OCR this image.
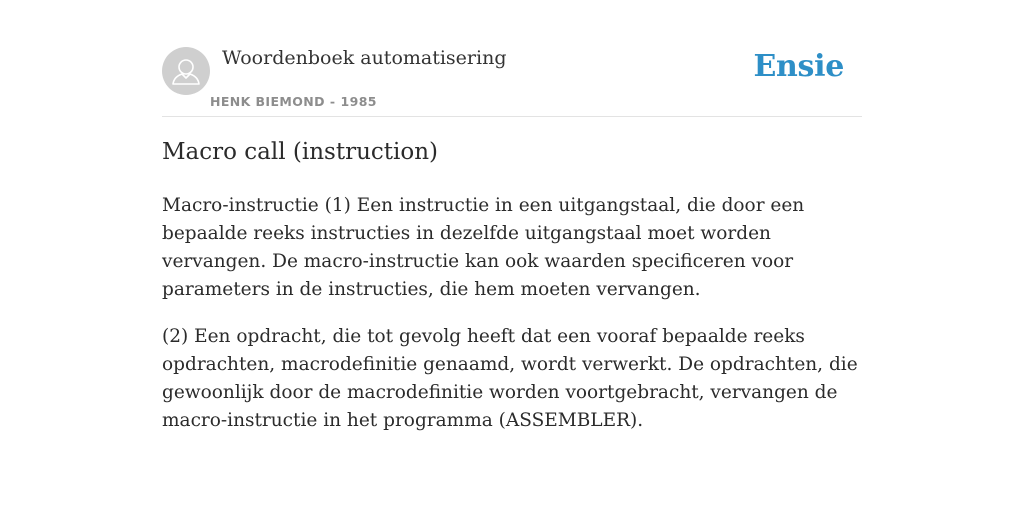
Woordenboek automatisering
HENK BIEMOND - 1985
Ensie
Macro call (instruction)

Macro-instructie (1) Een instructie in een uitgangstaal, die door een bepaalde reeks instructies in dezelfde uitgangstaal moet worden vervangen. De macro-instructie kan ook waarden specificeren voor parameters in de instructies, die hem moeten vervangen.

(2) Een opdracht, die tot gevolg heeft dat een vooraf bepaalde reeks opdrachten, macrodefinitie genaamd, wordt verwerkt. De opdrachten, die gewoonlijk door de macrodefinitie worden voortgebracht, vervangen de macro-instructie in het programma (ASSEMBLER).
